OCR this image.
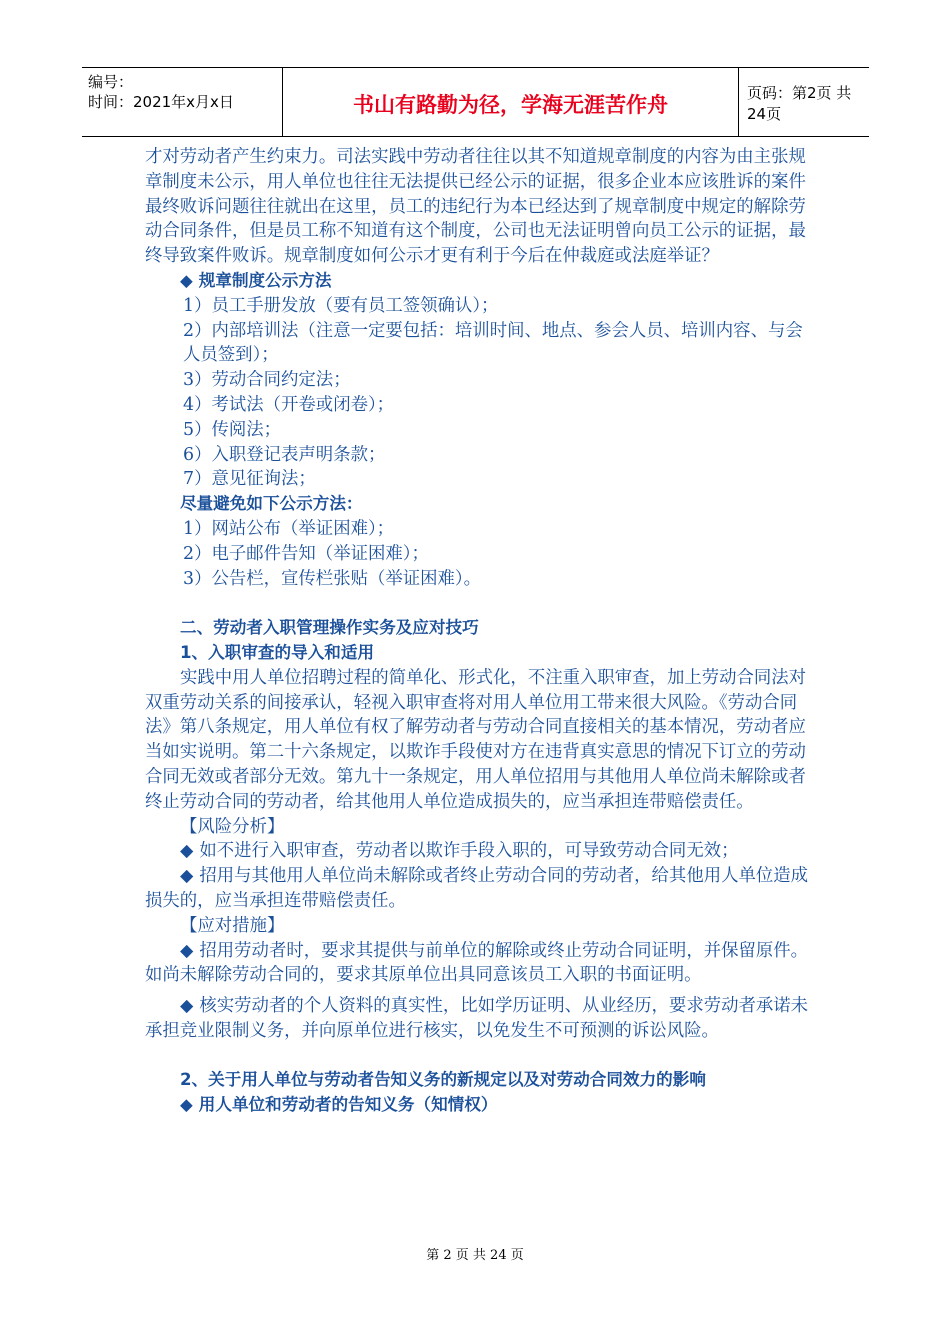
编号：
时间：2021年x月x日	书山有路勤为径，学海无涯苦作舟	页码：第2页 共24页

才对劳动者产生约束力。司法实践中劳动者往往以其不知道规章制度的内容为由主张规章制度未公示，用人单位也往往无法提供已经公示的证据，很多企业本应该胜诉的案件最终败诉问题往往就出在这里，员工的违纪行为本已经达到了规章制度中规定的解除劳动合同条件，但是员工称不知道有这个制度，公司也无法证明曾向员工公示的证据，最终导致案件败诉。规章制度如何公示才更有利于今后在仲裁庭或法庭举证？

◆ 规章制度公示方法

1）员工手册发放（要有员工签领确认）；

2）内部培训法（注意一定要包括：培训时间、地点、参会人员、培训内容、与会人员签到）；

3）劳动合同约定法；

4）考试法（开卷或闭卷）；

5）传阅法；

6）入职登记表声明条款；

7）意见征询法；

尽量避免如下公示方法：

1）网站公布（举证困难）；

2）电子邮件告知（举证困难）；

3）公告栏，宣传栏张贴（举证困难）。

二、劳动者入职管理操作实务及应对技巧

1、入职审查的导入和适用

实践中用人单位招聘过程的简单化、形式化，不注重入职审查，加上劳动合同法对双重劳动关系的间接承认，轻视入职审查将对用人单位用工带来很大风险。《劳动合同法》第八条规定，用人单位有权了解劳动者与劳动合同直接相关的基本情况，劳动者应当如实说明。第二十六条规定，以欺诈手段使对方在违背真实意思的情况下订立的劳动合同无效或者部分无效。第九十一条规定，用人单位招用与其他用人单位尚未解除或者终止劳动合同的劳动者，给其他用人单位造成损失的，应当承担连带赔偿责任。

【风险分析】

◆ 如不进行入职审查，劳动者以欺诈手段入职的，可导致劳动合同无效；

◆ 招用与其他用人单位尚未解除或者终止劳动合同的劳动者，给其他用人单位造成损失的，应当承担连带赔偿责任。

【应对措施】

◆ 招用劳动者时，要求其提供与前单位的解除或终止劳动合同证明，并保留原件。如尚未解除劳动合同的，要求其原单位出具同意该员工入职的书面证明。

◆ 核实劳动者的个人资料的真实性，比如学历证明、从业经历，要求劳动者承诺未承担竞业限制义务，并向原单位进行核实，以免发生不可预测的诉讼风险。

2、关于用人单位与劳动者告知义务的新规定以及对劳动合同效力的影响

◆ 用人单位和劳动者的告知义务（知情权）

第 2 页 共 24 页
